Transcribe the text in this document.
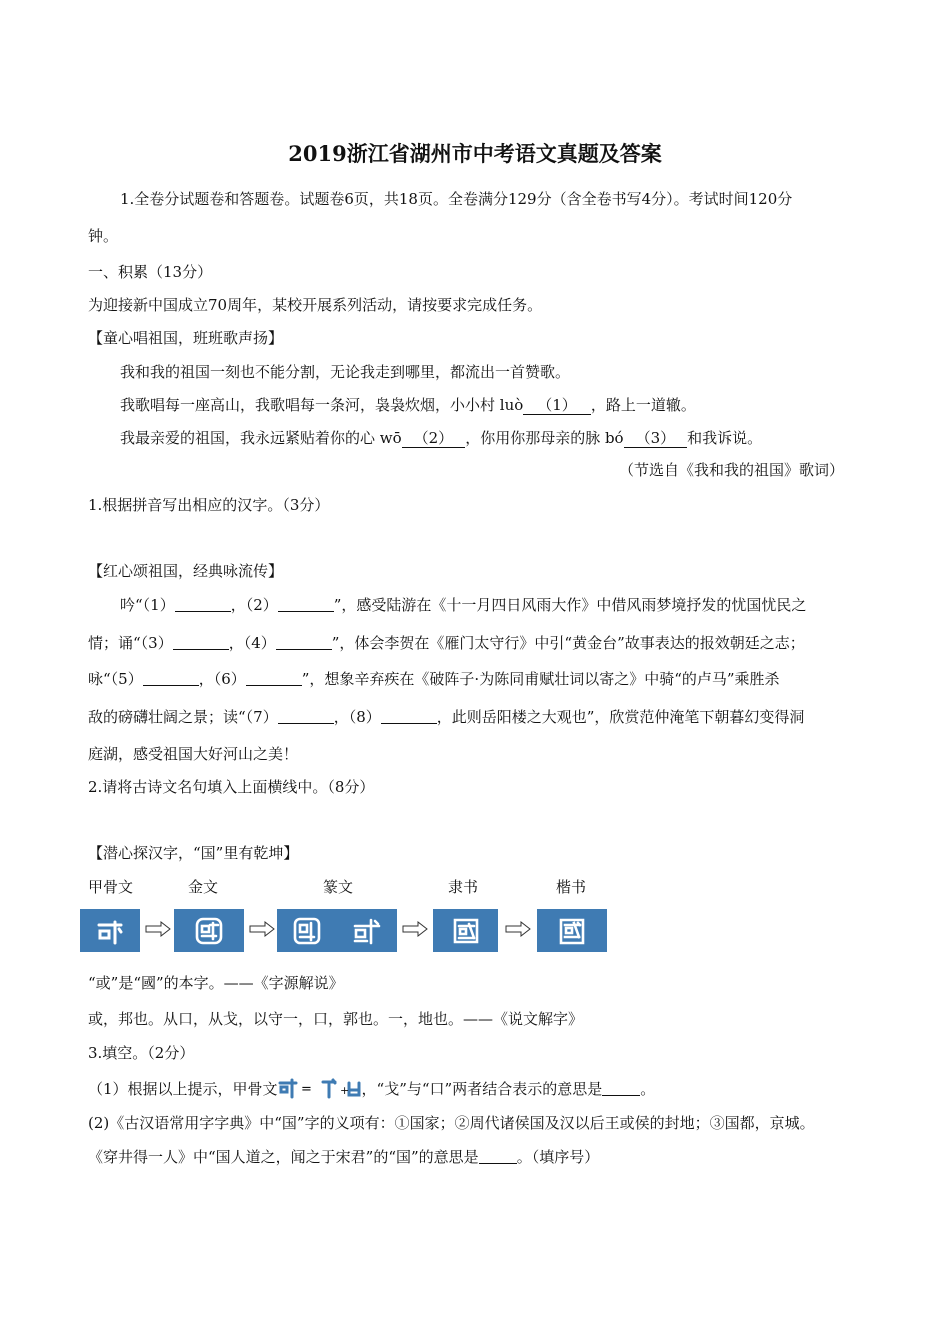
2019浙江省湖州市中考语文真题及答案
1.全卷分试题卷和答题卷。试题卷6页，共18页。全卷满分129分（含全卷书写4分）。考试时间120分
钟。
一、积累（13分）
为迎接新中国成立70周年，某校开展系列活动，请按要求完成任务。
【童心唱祖国，班班歌声扬】
我和我的祖国一刻也不能分割，无论我走到哪里，都流出一首赞歌。
我歌唱每一座高山，我歌唱每一条河，袅袅炊烟，小小村 luò （1） ，路上一道辙。
我最亲爱的祖国，我永远紧贴着你的心 wō （2） ，你用你那母亲的脉 bó （3） 和我诉说。
（节选自《我和我的祖国》歌词）
1.根据拼音写出相应的汉字。（3分）
【红心颂祖国，经典咏流传】
吟“（1）	，（2）	”，感受陆游在《十一月四日风雨大作》中借风雨梦境抒发的忧国忧民之
情；诵“（3）	，（4）	”，体会李贺在《雁门太守行》中引“黄金台”故事表达的报效朝廷之志；
咏“（5）	，（6）	”，想象辛弃疾在《破阵子·为陈同甫赋壮词以寄之》中骑“的卢马”乘胜杀
敌的磅礴壮阔之景；读“（7）	，（8）	，此则岳阳楼之大观也”，欣赏范仲淹笔下朝暮幻变得洞
庭湖，感受祖国大好河山之美！
2.请将古诗文名句填入上面横线中。（8分）
【潜心探汉字，“国”里有乾坤】
甲骨文	金文	篆文	隶书	楷书
“或”是“國”的本字。——《字源解说》
或，邦也。从口，从戈，以守一，口，郭也。一，地也。——《说文解字》
3.填空。（2分）
（1）根据以上提示，甲骨文 =	+ ，“戈”与“口”两者结合表示的意思是	。
(2)《古汉语常用字字典》中“国”字的义项有：①国家；②周代诸侯国及汉以后王或侯的封地；③国都，京城。
《穿井得一人》中“国人道之，闻之于宋君”的“国”的意思是	。（填序号）
